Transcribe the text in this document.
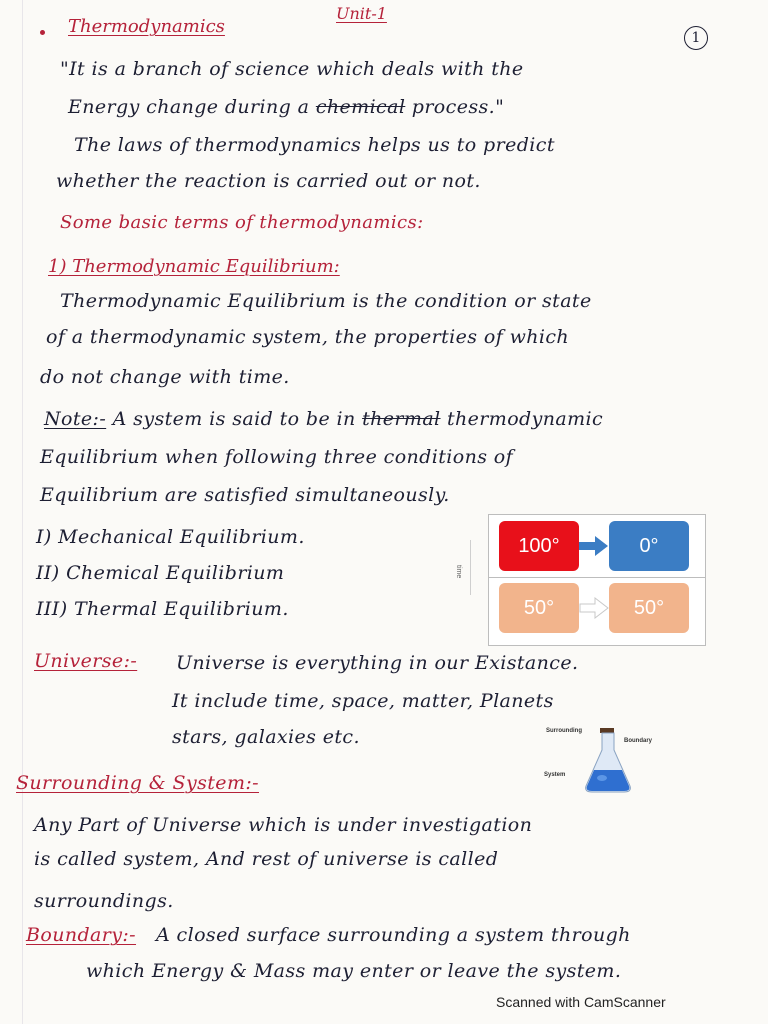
Thermodynamics
Unit-1
1
"It is a branch of science which deals with the
Energy change during a chemical process."
The laws of thermodynamics helps us to predict
whether the reaction is carried out or not.
Some basic terms of thermodynamics:
1) Thermodynamic Equilibrium:
Thermodynamic Equilibrium is the condition or state
of a thermodynamic system, the properties of which
do not change with time.
Note:- A system is said to be in thermal thermodynamic
Equilibrium when following three conditions of
Equilibrium are satisfied simultaneously.
I) Mechanical Equilibrium.
II) Chemical Equilibrium
III) Thermal Equilibrium.
time
100°	0°
50°	50°
Universe:- Universe is everything in our Existance.
It include time, space, matter, Planets
stars, galaxies etc.	Surrounding
Boundary
System
Surrounding & System:-
Any Part of Universe which is under investigation
is called system, And rest of universe is called
surroundings.
Boundary:- A closed surface surrounding a system through
which Energy & Mass may enter or leave the system.
Scanned with CamScanner
